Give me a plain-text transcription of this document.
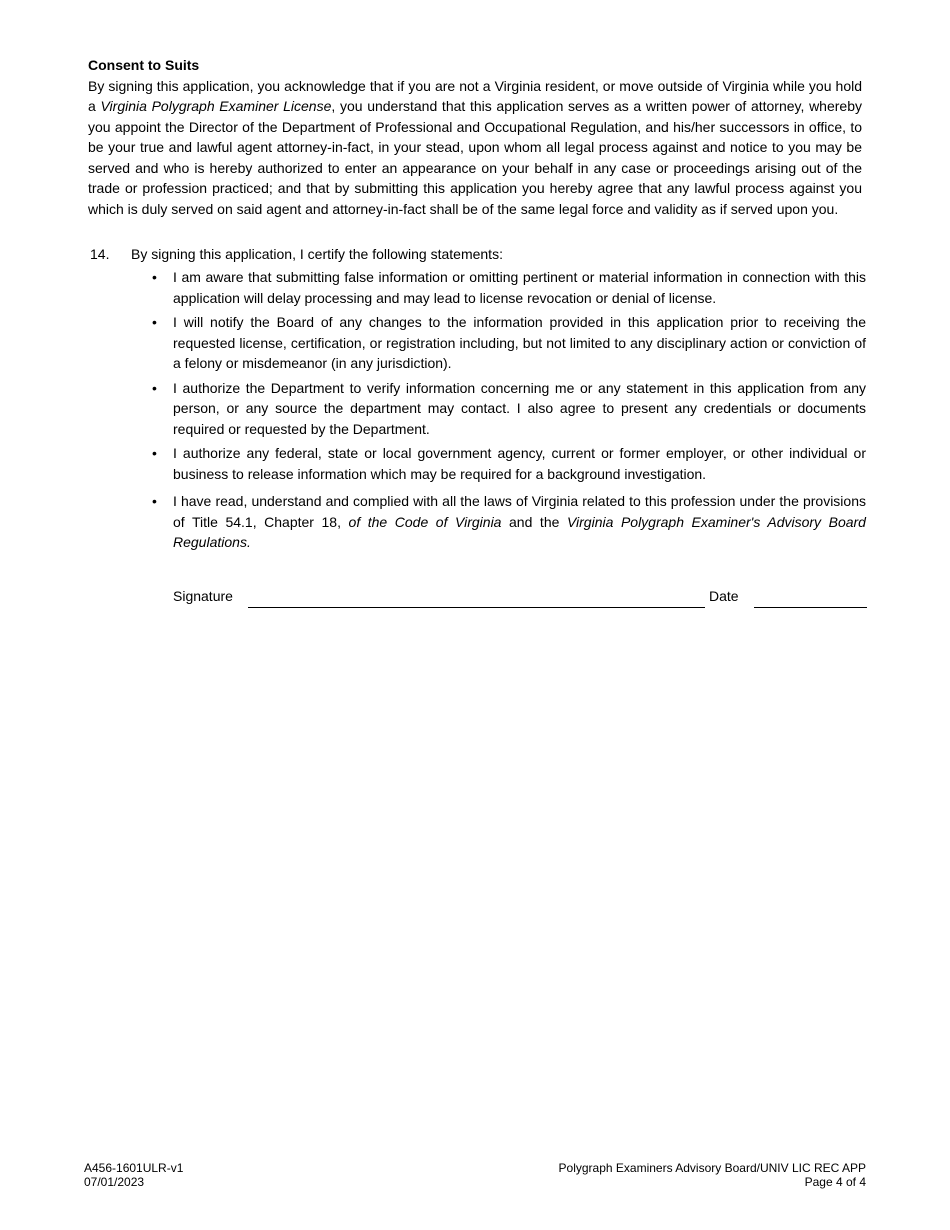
Consent to Suits

By signing this application, you acknowledge that if you are not a Virginia resident, or move outside of Virginia while you hold a Virginia Polygraph Examiner License, you understand that this application serves as a written power of attorney, whereby you appoint the Director of the Department of Professional and Occupational Regulation, and his/her successors in office, to be your true and lawful agent attorney-in-fact, in your stead, upon whom all legal process against and notice to you may be served and who is hereby authorized to enter an appearance on your behalf in any case or proceedings arising out of the trade or profession practiced; and that by submitting this application you hereby agree that any lawful process against you which is duly served on said agent and attorney-in-fact shall be of the same legal force and validity as if served upon you.

14. By signing this application, I certify the following statements:
• I am aware that submitting false information or omitting pertinent or material information in connection with this application will delay processing and may lead to license revocation or denial of license.
• I will notify the Board of any changes to the information provided in this application prior to receiving the requested license, certification, or registration including, but not limited to any disciplinary action or conviction of a felony or misdemeanor (in any jurisdiction).
• I authorize the Department to verify information concerning me or any statement in this application from any person, or any source the department may contact. I also agree to present any credentials or documents required or requested by the Department.
• I authorize any federal, state or local government agency, current or former employer, or other individual or business to release information which may be required for a background investigation.
• I have read, understand and complied with all the laws of Virginia related to this profession under the provisions of Title 54.1, Chapter 18, of the Code of Virginia and the Virginia Polygraph Examiner's Advisory Board Regulations.
Signature	Date
A456-1601ULR-v1
07/01/2023
Polygraph Examiners Advisory Board/UNIV LIC REC APP
Page 4 of 4
